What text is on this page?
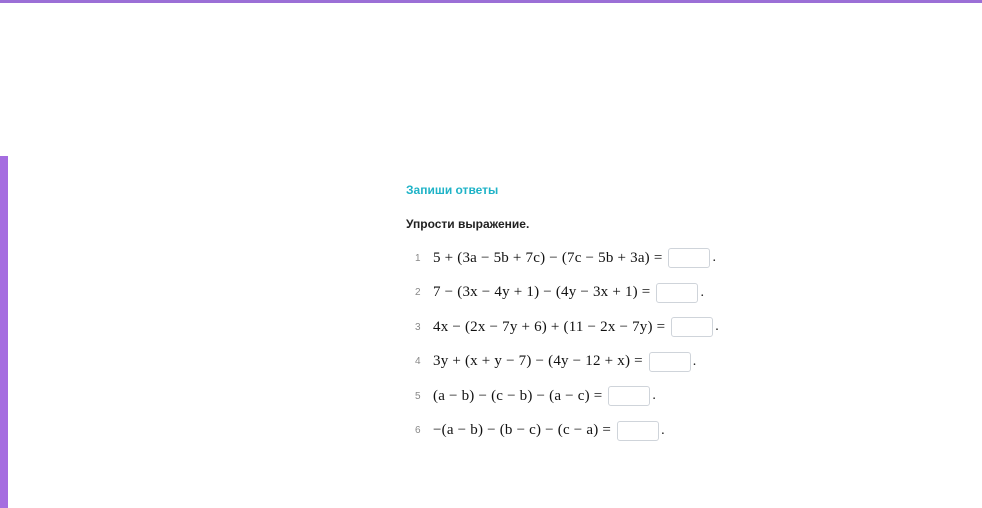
Запиши ответы
Упрости выражение.
1 5 + (3a − 5b + 7c) − (7c − 5b + 3a) =	.
2 7 − (3x − 4y + 1) − (4y − 3x + 1) =	.
3 4x − (2x − 7y + 6) + (11 − 2x − 7y) =	.
4 3y + (x + y − 7) − (4y − 12 + x) =	.
5 (a − b) − (c − b) − (a − c) =	.
6 −(a − b) − (b − c) − (c − a) =	.
